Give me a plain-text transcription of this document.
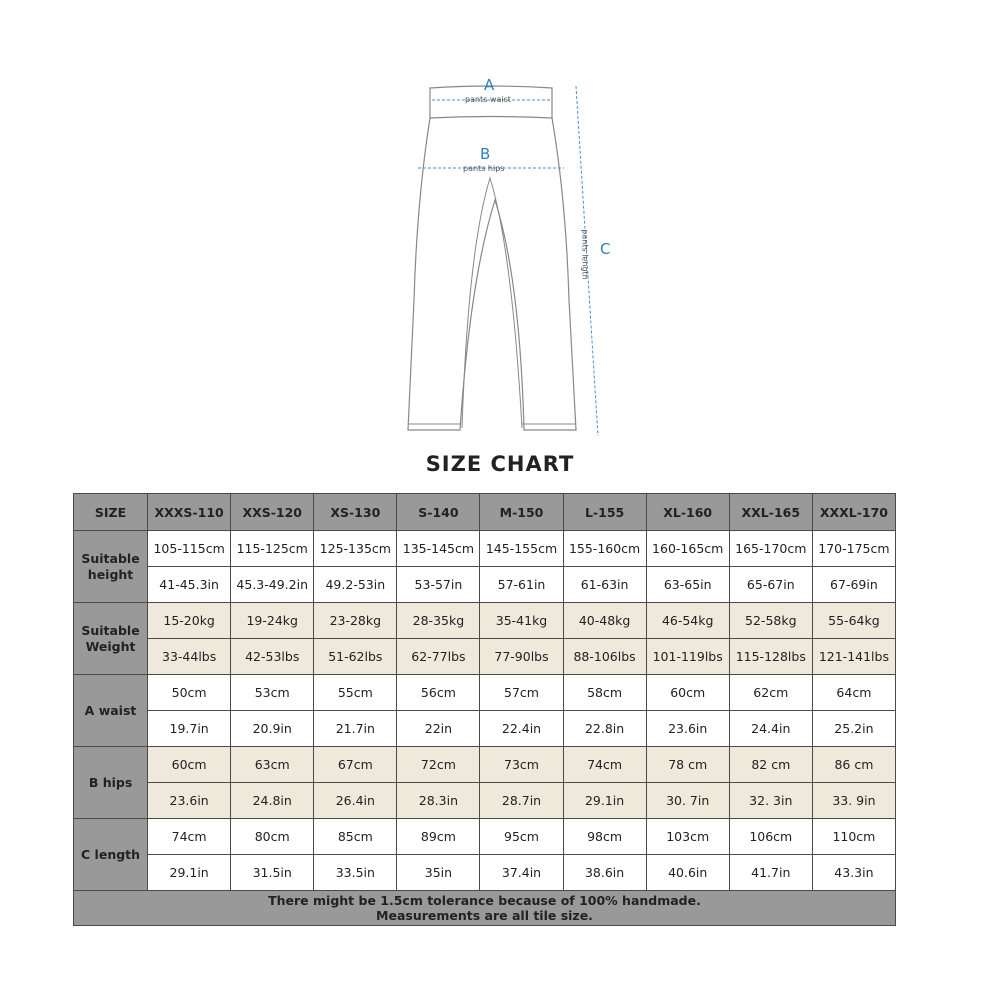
A
pants waist
B
pants hips
C
pants length
SIZE CHART
SIZE	XXXS-110	XXS-120	XS-130	S-140	M-150	L-155	XL-160	XXL-165	XXXL-170

Suitable
height	105-115cm	115-125cm	125-135cm	135-145cm	145-155cm	155-160cm	160-165cm	165-170cm	170-175cm
	41-45.3in	45.3-49.2in	49.2-53in	53-57in	57-61in	61-63in	63-65in	65-67in	67-69in

Suitable
Weight	15-20kg	19-24kg	23-28kg	28-35kg	35-41kg	40-48kg	46-54kg	52-58kg	55-64kg
	33-44lbs	42-53lbs	51-62lbs	62-77lbs	77-90lbs	88-106lbs	101-119lbs	115-128lbs	121-141lbs

A waist	50cm	53cm	55cm	56cm	57cm	58cm	60cm	62cm	64cm
	19.7in	20.9in	21.7in	22in	22.4in	22.8in	23.6in	24.4in	25.2in

B hips	60cm	63cm	67cm	72cm	73cm	74cm	78 cm	82 cm	86 cm
	23.6in	24.8in	26.4in	28.3in	28.7in	29.1in	30. 7in	32. 3in	33. 9in

C length	74cm	80cm	85cm	89cm	95cm	98cm	103cm	106cm	110cm
	29.1in	31.5in	33.5in	35in	37.4in	38.6in	40.6in	41.7in	43.3in

There might be 1.5cm tolerance because of 100% handmade.
Measurements are all tile size.									
